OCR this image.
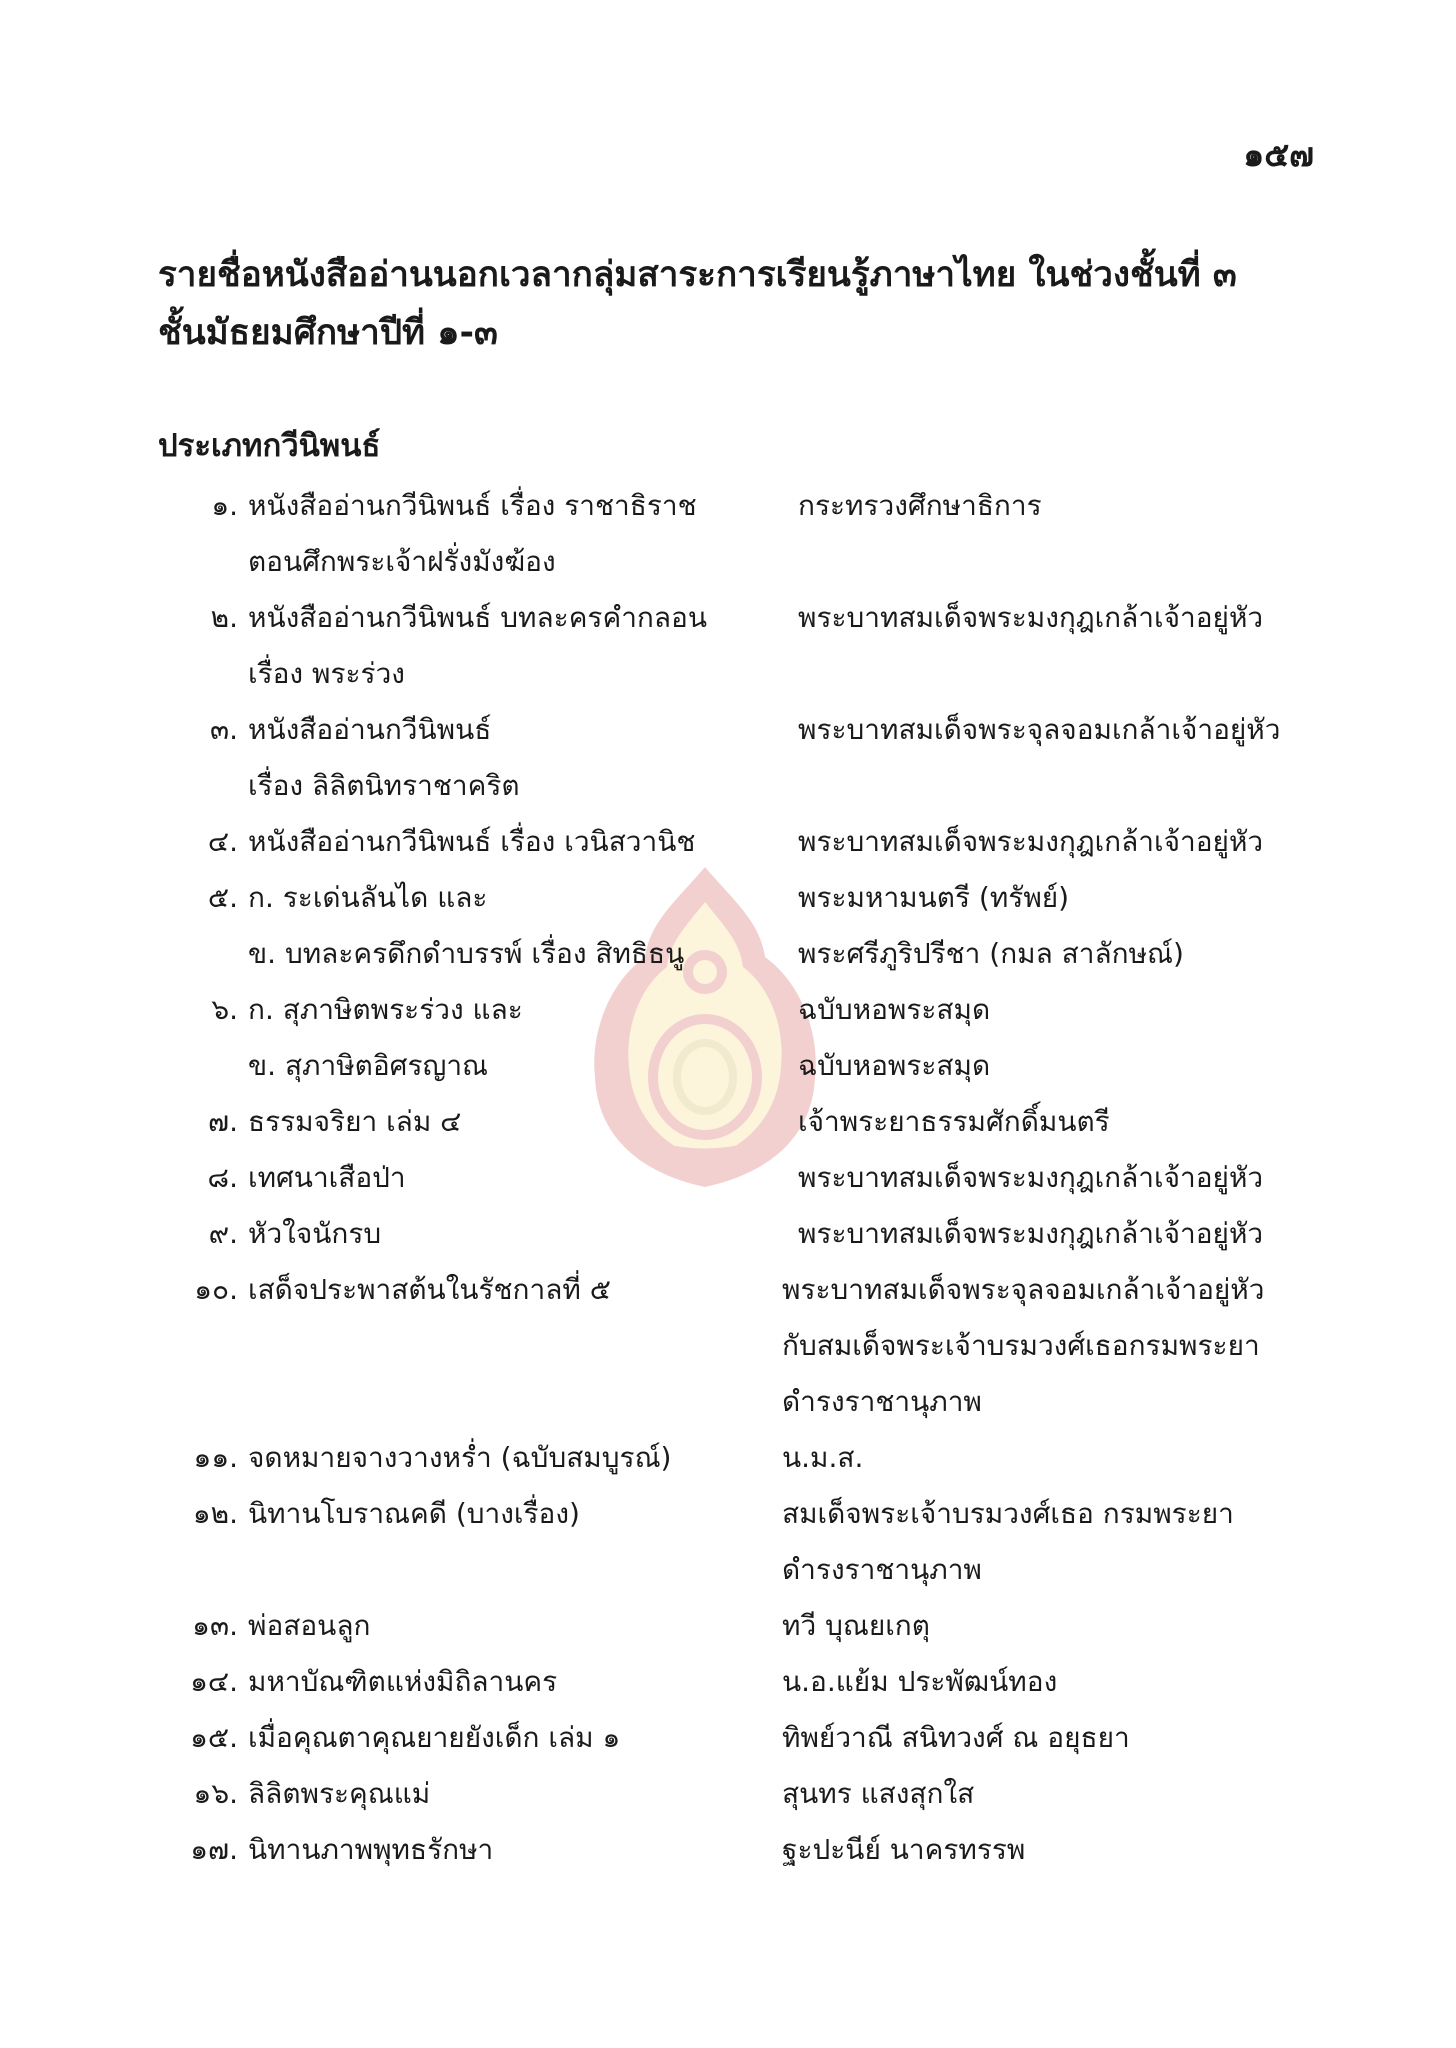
๑๕๗
รายชื่อหนังสืออ่านนอกเวลากลุ่มสาระการเรียนรู้ภาษาไทย ในช่วงชั้นที่ ๓
ชั้นมัธยมศึกษาปีที่ ๑-๓
ประเภทกวีนิพนธ์
๑. หนังสืออ่านกวีนิพนธ์ เรื่อง ราชาธิราช	กระทรวงศึกษาธิการ
ตอนศึกพระเจ้าฝรั่งมังฆ้อง
๒. หนังสืออ่านกวีนิพนธ์ บทละครคำกลอน	พระบาทสมเด็จพระมงกุฎเกล้าเจ้าอยู่หัว
เรื่อง พระร่วง
๓. หนังสืออ่านกวีนิพนธ์	พระบาทสมเด็จพระจุลจอมเกล้าเจ้าอยู่หัว
เรื่อง ลิลิตนิทราชาคริต
๔. หนังสืออ่านกวีนิพนธ์ เรื่อง เวนิสวานิช	พระบาทสมเด็จพระมงกุฎเกล้าเจ้าอยู่หัว
๕. ก. ระเด่นลันได และ	พระมหามนตรี (ทรัพย์)
ข. บทละครดึกดำบรรพ์ เรื่อง สิทธิธนู	พระศรีภูริปรีชา (กมล สาลักษณ์)
๖. ก. สุภาษิตพระร่วง และ	ฉบับหอพระสมุด
ข. สุภาษิตอิศรญาณ	ฉบับหอพระสมุด
๗. ธรรมจริยา เล่ม ๔	เจ้าพระยาธรรมศักดิ์มนตรี
๘. เทศนาเสือป่า	พระบาทสมเด็จพระมงกุฎเกล้าเจ้าอยู่หัว
๙. หัวใจนักรบ	พระบาทสมเด็จพระมงกุฎเกล้าเจ้าอยู่หัว
๑๐. เสด็จประพาสต้นในรัชกาลที่ ๕	พระบาทสมเด็จพระจุลจอมเกล้าเจ้าอยู่หัว
กับสมเด็จพระเจ้าบรมวงศ์เธอกรมพระยา
ดำรงราชานุภาพ
๑๑. จดหมายจางวางหร่ำ (ฉบับสมบูรณ์)	น.ม.ส.
๑๒. นิทานโบราณคดี (บางเรื่อง)	สมเด็จพระเจ้าบรมวงศ์เธอ กรมพระยา
ดำรงราชานุภาพ
๑๓. พ่อสอนลูก	ทวี บุณยเกตุ
๑๔. มหาบัณฑิตแห่งมิถิลานคร	น.อ.แย้ม ประพัฒน์ทอง
๑๕. เมื่อคุณตาคุณยายยังเด็ก เล่ม ๑	ทิพย์วาณี สนิทวงศ์ ณ อยุธยา
๑๖. ลิลิตพระคุณแม่	สุนทร แสงสุกใส
๑๗. นิทานภาพพุทธรักษา	ฐะปะนีย์ นาครทรรพ
